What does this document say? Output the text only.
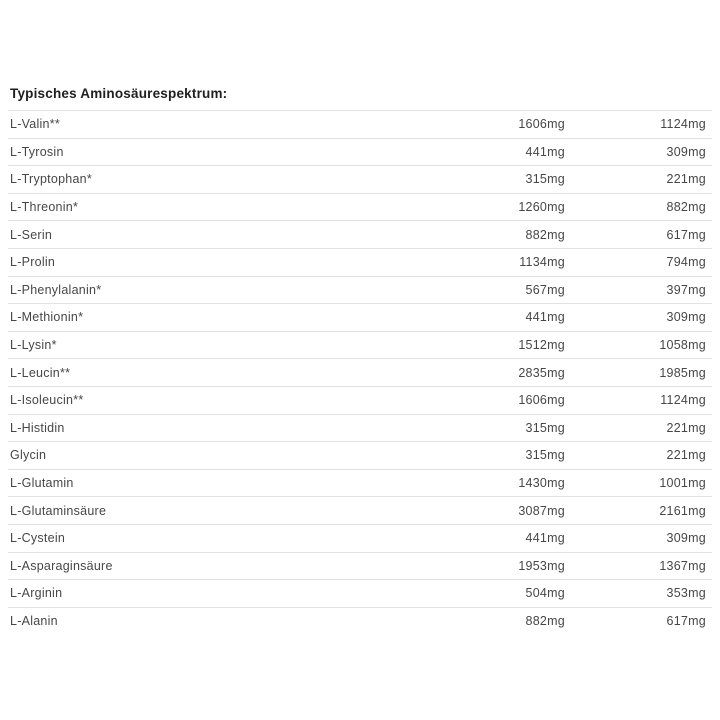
Typisches Aminosäurespektrum:
L-Valin**	1606mg	1124mg
L-Tyrosin	441mg	309mg
L-Tryptophan*	315mg	221mg
L-Threonin*	1260mg	882mg
L-Serin	882mg	617mg
L-Prolin	1134mg	794mg
L-Phenylalanin*	567mg	397mg
L-Methionin*	441mg	309mg
L-Lysin*	1512mg	1058mg
L-Leucin**	2835mg	1985mg
L-Isoleucin**	1606mg	1124mg
L-Histidin	315mg	221mg
Glycin	315mg	221mg
L-Glutamin	1430mg	1001mg
L-Glutaminsäure	3087mg	2161mg
L-Cystein	441mg	309mg
L-Asparaginsäure	1953mg	1367mg
L-Arginin	504mg	353mg
L-Alanin	882mg	617mg
